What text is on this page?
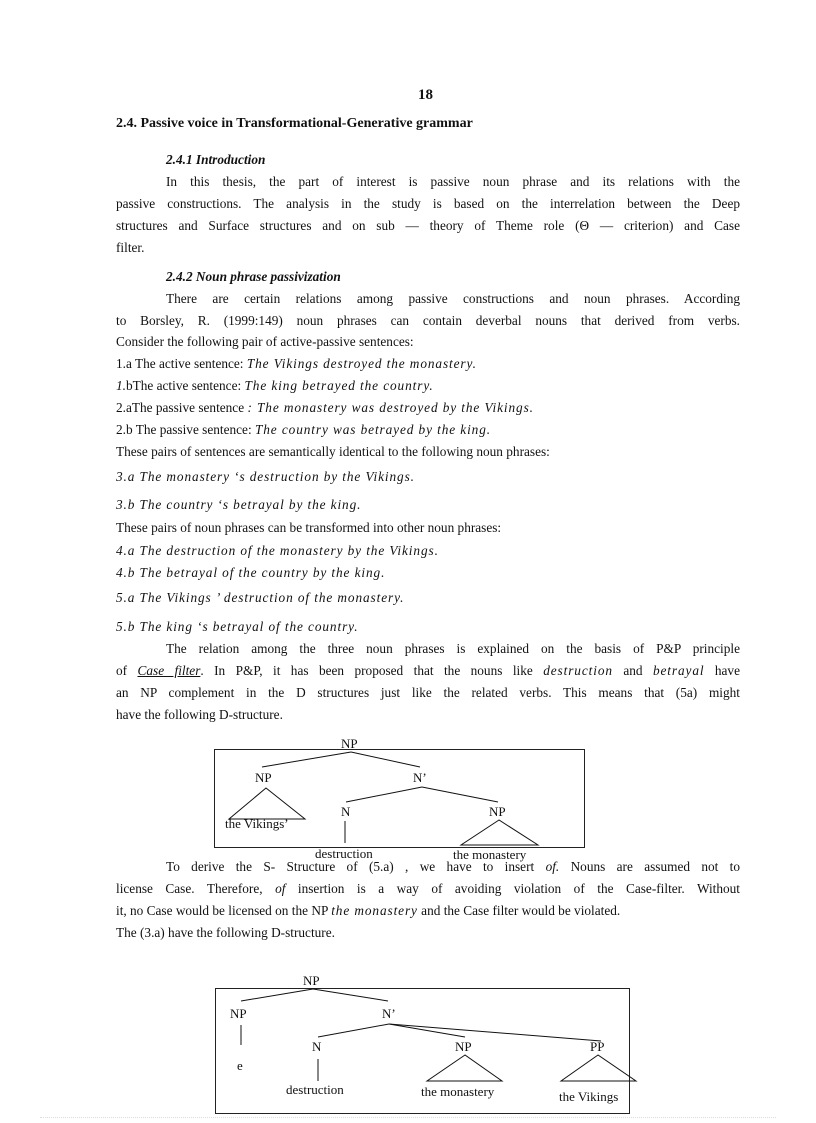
18
2.4. Passive voice in Transformational-Generative grammar
2.4.1 Introduction
In this thesis, the part of interest is passive noun phrase and its relations with the
passive constructions. The analysis in the study is based on the interrelation between the Deep
structures and Surface structures and on sub — theory of Theme role (Θ — criterion) and Case
filter.
2.4.2 Noun phrase passivization
There are certain relations among passive constructions and noun phrases. According
to Borsley, R. (1999:149) noun phrases can contain deverbal nouns that derived from verbs.
Consider the following pair of active-passive sentences:
1.a The active sentence: The Vikings destroyed the monastery.
1.bThe active sentence: The king betrayed the country.
2.aThe passive sentence : The monastery was destroyed by the Vikings.
2.b The passive sentence: The country was betrayed by the king.
These pairs of sentences are semantically identical to the following noun phrases:
3.a The monastery ‘s destruction by the Vikings.
3.b The country ‘s betrayal by the king.
These pairs of noun phrases can be transformed into other noun phrases:
4.a The destruction of the monastery by the Vikings.
4.b The betrayal of the country by the king.
5.a The Vikings ’ destruction of the monastery.
5.b The king ‘s betrayal of the country.
The relation among the three noun phrases is explained on the basis of P&P principle
of Case filter. In P&P, it has been proposed that the nouns like destruction and betrayal have
an NP complement in the D structures just like the related verbs. This means that (5a) might
have the following D-structure.
NP
NP
the Vikings’
N’
N
destruction
NP
the monastery
To derive the S- Structure of (5.a) , we have to insert of. Nouns are assumed not to
license Case. Therefore, of insertion is a way of avoiding violation of the Case-filter. Without
it, no Case would be licensed on the NP the monastery and the Case filter would be violated.
The (3.a) have the following D-structure.
NP
NP
e
N’
N
destruction
NP
the monastery
PP
the Vikings
